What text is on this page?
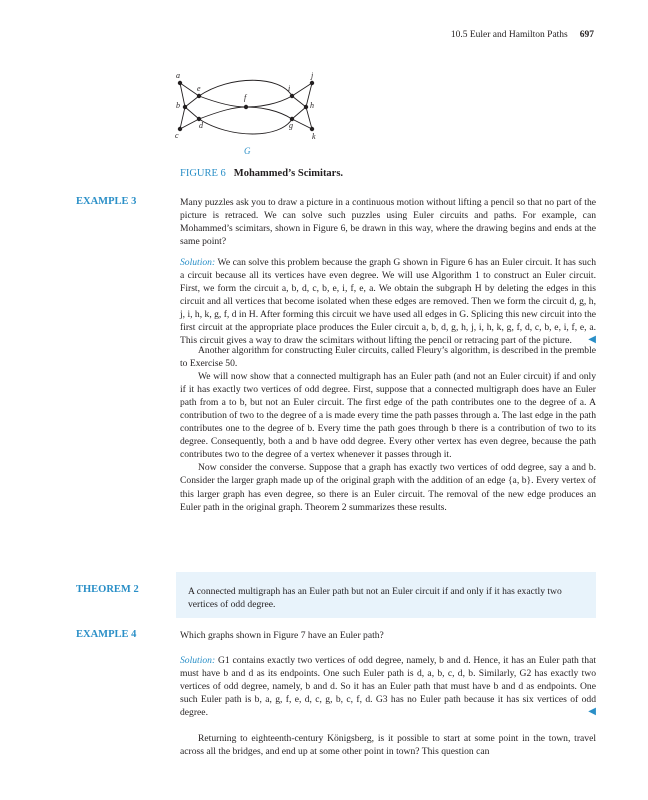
10.5 Euler and Hamilton Paths 697
a
b
c
e
d
f
i
g
j
h
k
G
FIGURE 6 Mohammed’s Scimitars.
EXAMPLE 3	Many puzzles ask you to draw a picture in a continuous motion without lifting a pencil so that no part of the picture is retraced. We can solve such puzzles using Euler circuits and paths. For example, can Mohammed’s scimitars, shown in Figure 6, be drawn in this way, where the drawing begins and ends at the same point?

Solution: We can solve this problem because the graph G shown in Figure 6 has an Euler circuit. It has such a circuit because all its vertices have even degree. We will use Algorithm 1 to construct an Euler circuit. First, we form the circuit a, b, d, c, b, e, i, f, e, a. We obtain the subgraph H by deleting the edges in this circuit and all vertices that become isolated when these edges are removed. Then we form the circuit d, g, h, j, i, h, k, g, f, d in H. After forming this circuit we have used all edges in G. Splicing this new circuit into the first circuit at the appropriate place produces the Euler circuit a, b, d, g, h, j, i, h, k, g, f, d, c, b, e, i, f, e, a. This circuit gives a way to draw the scimitars without lifting the pencil or retracing part of the picture.	◀

Another algorithm for constructing Euler circuits, called Fleury’s algorithm, is described in the premble to Exercise 50.

We will now show that a connected multigraph has an Euler path (and not an Euler circuit) if and only if it has exactly two vertices of odd degree. First, suppose that a connected multigraph does have an Euler path from a to b, but not an Euler circuit. The first edge of the path contributes one to the degree of a. A contribution of two to the degree of a is made every time the path passes through a. The last edge in the path contributes one to the degree of b. Every time the path goes through b there is a contribution of two to its degree. Consequently, both a and b have odd degree. Every other vertex has even degree, because the path contributes two to the degree of a vertex whenever it passes through it.

Now consider the converse. Suppose that a graph has exactly two vertices of odd degree, say a and b. Consider the larger graph made up of the original graph with the addition of an edge {a, b}. Every vertex of this larger graph has even degree, so there is an Euler circuit. The removal of the new edge produces an Euler path in the original graph. Theorem 2 summarizes these results.

THEOREM 2	A connected multigraph has an Euler path but not an Euler circuit if and only if it has exactly two vertices of odd degree.
EXAMPLE 4	Which graphs shown in Figure 7 have an Euler path?

Solution: G1 contains exactly two vertices of odd degree, namely, b and d. Hence, it has an Euler path that must have b and d as its endpoints. One such Euler path is d, a, b, c, d, b. Similarly, G2 has exactly two vertices of odd degree, namely, b and d. So it has an Euler path that must have b and d as endpoints. One such Euler path is b, a, g, f, e, d, c, g, b, c, f, d. G3 has no Euler path because it has six vertices of odd degree.	◀

Returning to eighteenth-century Königsberg, is it possible to start at some point in the town, travel across all the bridges, and end up at some other point in town? This question can
